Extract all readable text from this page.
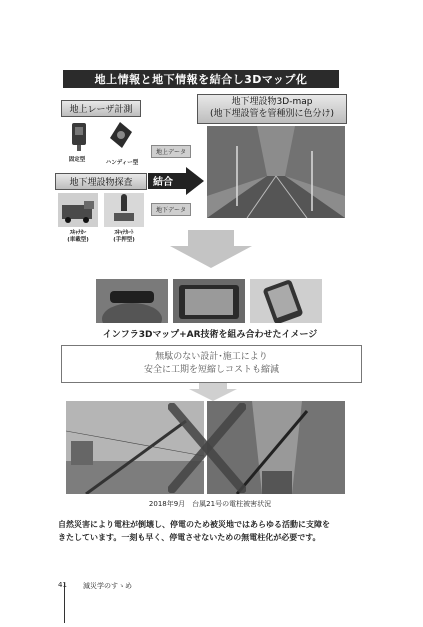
地上情報と地下情報を結合し3Dマップ化
地上レーザ計測
固定型	ハンディー型
地上データ
地下埋設物探査	結合
ｽｷｬﾅｶｰ
(車載型)
ｽｷｬﾅｶｰﾄ
(手押型)
地下データ
地下埋設物3D-map
(地下埋設管を管種別に色分け)
インフラ3Dマップ+AR技術を組み合わせたイメージ
無駄のない設計･施工により
安全に工期を短縮しコストも縮減
2018年9月　台風21号の電柱被害状況
自然災害により電柱が倒壊し、停電のため被災地ではあらゆる活動に支障を
きたしています。一刻も早く、停電させないための無電柱化が必要です。
41 減災学のすゝめ
